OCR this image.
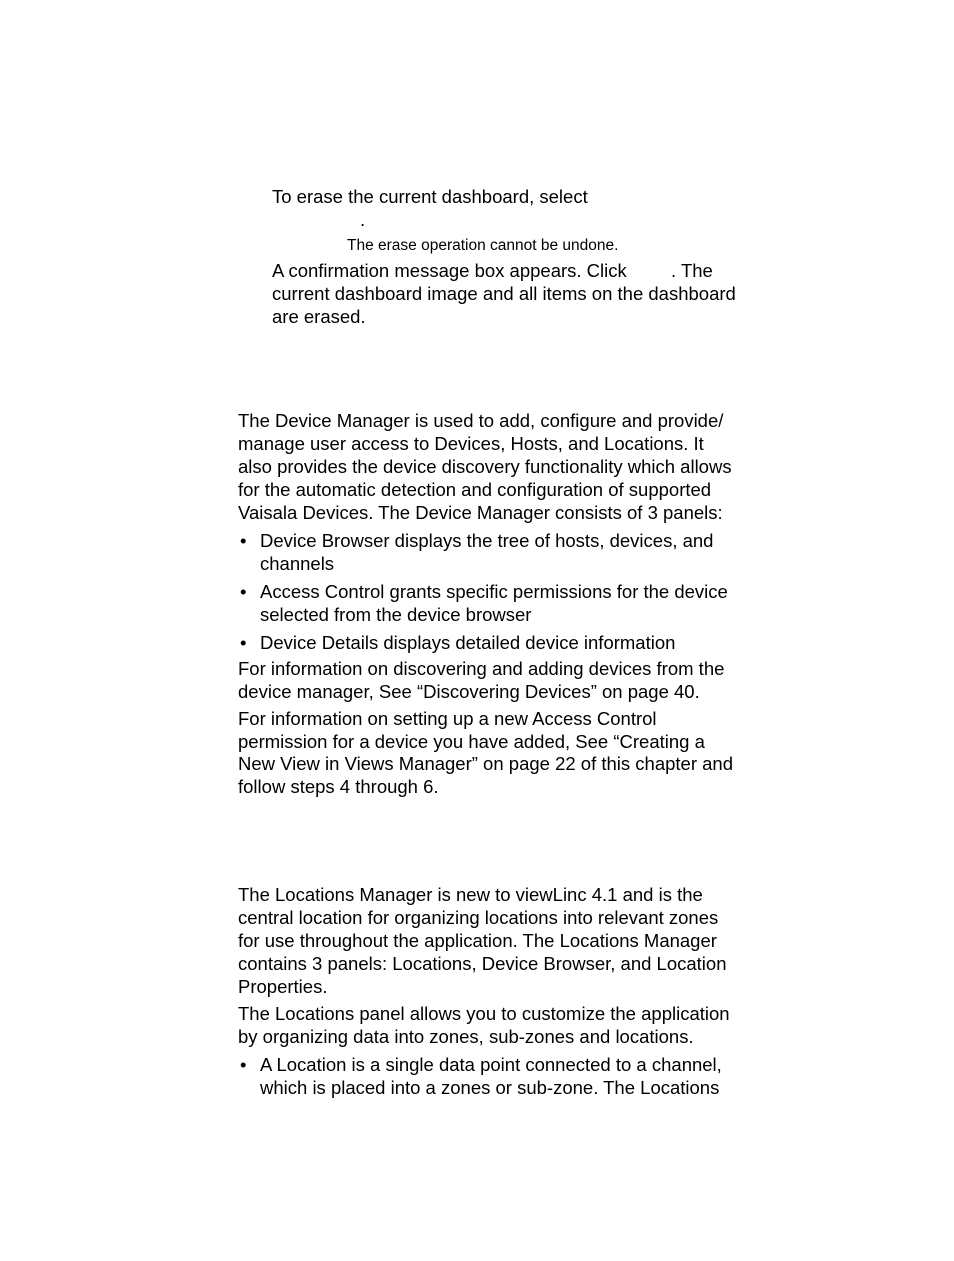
To erase the current dashboard, select

.

The erase operation cannot be undone.

A confirmation message box appears. Click . The

current dashboard image and all items on the dashboard

are erased.

The Device Manager is used to add, configure and provide/

manage user access to Devices, Hosts, and Locations. It

also provides the device discovery functionality which allows

for the automatic detection and configuration of supported

Vaisala Devices. The Device Manager consists of 3 panels:

• Device Browser displays the tree of hosts, devices, and

channels

• Access Control grants specific permissions for the device

selected from the device browser

• Device Details displays detailed device information

For information on discovering and adding devices from the

device manager, See “Discovering Devices” on page 40.

For information on setting up a new Access Control

permission for a device you have added, See “Creating a

New View in Views Manager” on page 22 of this chapter and

follow steps 4 through 6.

The Locations Manager is new to viewLinc 4.1 and is the

central location for organizing locations into relevant zones

for use throughout the application. The Locations Manager

contains 3 panels: Locations, Device Browser, and Location

Properties.

The Locations panel allows you to customize the application

by organizing data into zones, sub-zones and locations.

• A Location is a single data point connected to a channel,

which is placed into a zones or sub-zone. The Locations
